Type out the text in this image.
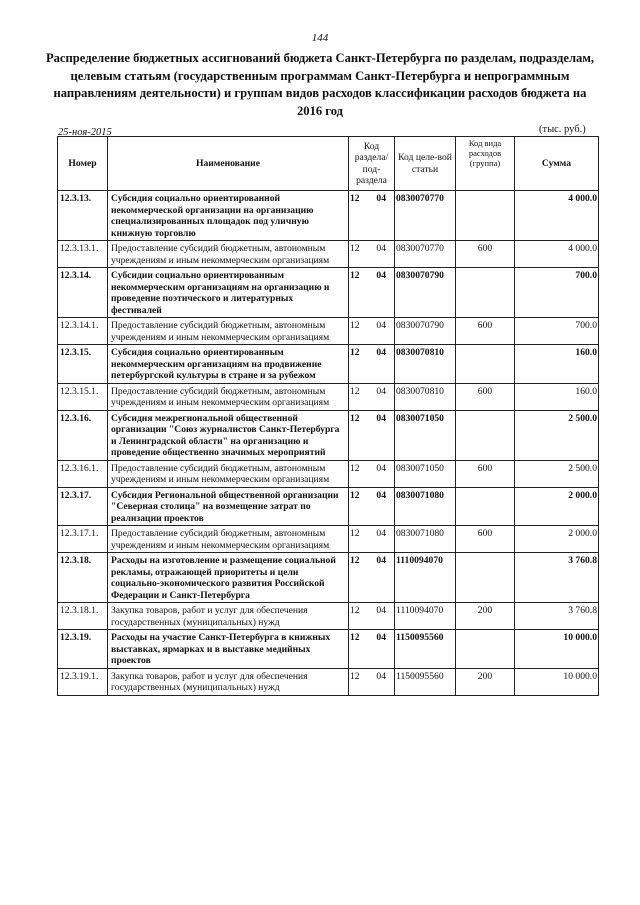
144
Распределение бюджетных ассигнований бюджета Санкт-Петербурга по разделам, подразделам, целевым статьям (государственным программам Санкт-Петербурга и непрограммным направлениям деятельности) и группам видов расходов классификации расходов бюджета на 2016 год
25-ноя-2015	(тыс. руб.)
Номер	Наименование	Код раздела/ под-раздела	Код целе-вой статьи	Код вида расходов (группа)	Сумма
12.3.13.	Субсидия социально ориентированной некоммерческой организации на организацию специализированных площадок под уличную книжную торговлю	12 04	0830070770		4 000.0
12.3.13.1.	Предоставление субсидий бюджетным, автономным учреждениям и иным некоммерческим организациям	12 04	0830070770	600	4 000.0
12.3.14.	Субсидии социально ориентированным некоммерческим организациям на организацию и проведение поэтического и литературных фестивалей	12 04	0830070790		700.0
12.3.14.1.	Предоставление субсидий бюджетным, автономным учреждениям и иным некоммерческим организациям	12 04	0830070790	600	700.0
12.3.15.	Субсидия социально ориентированным некоммерческим организациям на продвижение петербургской культуры в стране и за рубежом	12 04	0830070810		160.0
12.3.15.1.	Предоставление субсидий бюджетным, автономным учреждениям и иным некоммерческим организациям	12 04	0830070810	600	160.0
12.3.16.	Субсидия межрегиональной общественной организации "Союз журналистов Санкт-Петербурга и Ленинградской области" на организацию и проведение общественно значимых мероприятий	12 04	0830071050		2 500.0
12.3.16.1.	Предоставление субсидий бюджетным, автономным учреждениям и иным некоммерческим организациям	12 04	0830071050	600	2 500.0
12.3.17.	Субсидия Региональной общественной организации "Северная столица" на возмещение затрат по реализации проектов	12 04	0830071080		2 000.0
12.3.17.1.	Предоставление субсидий бюджетным, автономным учреждениям и иным некоммерческим организациям	12 04	0830071080	600	2 000.0
12.3.18.	Расходы на изготовление и размещение социальной рекламы, отражающей приоритеты и цели социально-экономического развития Российской Федерации и Санкт-Петербурга	12 04	1110094070		3 760.8
12.3.18.1.	Закупка товаров, работ и услуг для обеспечения государственных (муниципальных) нужд	12 04	1110094070	200	3 760.8
12.3.19.	Расходы на участие Санкт-Петербурга в книжных выставках, ярмарках и в выставке медийных проектов	12 04	1150095560		10 000.0
12.3.19.1.	Закупка товаров, работ и услуг для обеспечения государственных (муниципальных) нужд	12 04	1150095560	200	10 000.0
